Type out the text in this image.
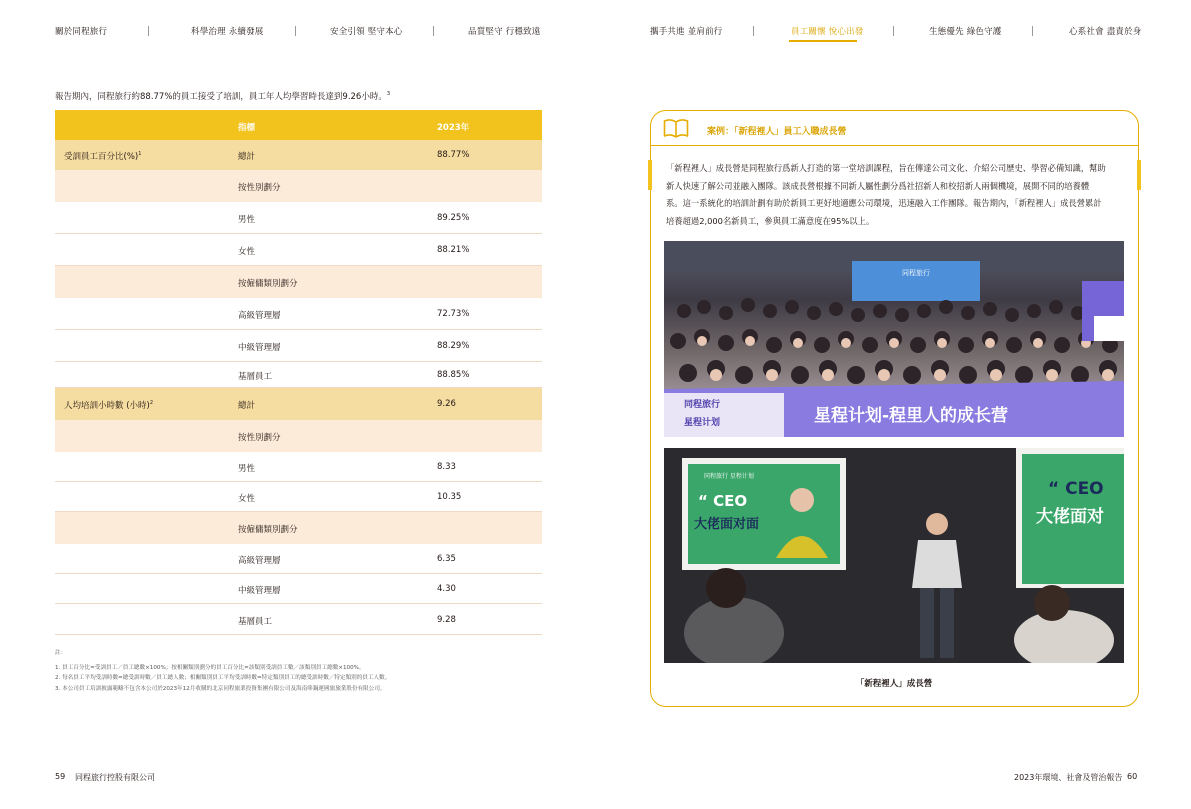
關於同程旅行	科學治理 永續發展	安全引領 堅守本心	品質堅守 行穩致遠	攜手共進 並肩前行	員工關懷 悅心出發	生態優先 綠色守護	心系社會 盡責於身
報告期內，同程旅行約88.77%的員工接受了培訓，員工年人均學習時長達到9.26小時。$^3$
指標	2023年
受訓員工百分比(%)$^1$	總計	88.77%
按性別劃分
男性	89.25%
女性	88.21%
按僱傭類別劃分
高級管理層	72.73%
中級管理層	88.29%
基層員工	88.85%
人均培訓小時數 (小時)$^2$	總計	9.26
按性別劃分
男性	8.33
女性	10.35
按僱傭類別劃分
高級管理層	6.35
中級管理層	4.30
基層員工	9.28
註：
1. 員工百分比=受訓員工／員工總數×100%；按相關類別劃分的員工百分比=該類別受訓員工數／該類別員工總數×100%。
2. 每名員工平均受訓時數=總受訓時數／員工總人數；相關類別員工平均受訓時數=特定類別員工的總受訓時數／特定類別的員工人數。
3. 本公司員工培訓披露範疇不包含本公司於2023年12月收購的北京同程旅業投資集團有限公司及海南哆鍋運國旅旅業股份有限公司。
59 同程旅行控股有限公司	2023年環境、社會及管治報告 60
案例：「新程裡人」員工入職成長營

「新程裡人」成長營是同程旅行爲新人打造的第一堂培訓課程，旨在傳達公司文化、介紹公司歷史、學習必備知識，幫助

新人快速了解公司並融入團隊。該成長營根據不同新人屬性劃分爲社招新人和校招新人兩個機境，展開不同的培養體

系。這一系統化的培訓計劃有助於新員工更好地適應公司環境，迅速融入工作團隊。報告期內，「新程裡人」成長營累計

培養超過2,000名新員工，參與員工滿意度在95%以上。

同程旅行
同程旅行
星程计划	星程计划-程里人的成长营
同程旅行 星程计划
“ CEO
大佬面对面
“ CEO
大佬面对
「新程裡人」成長營
